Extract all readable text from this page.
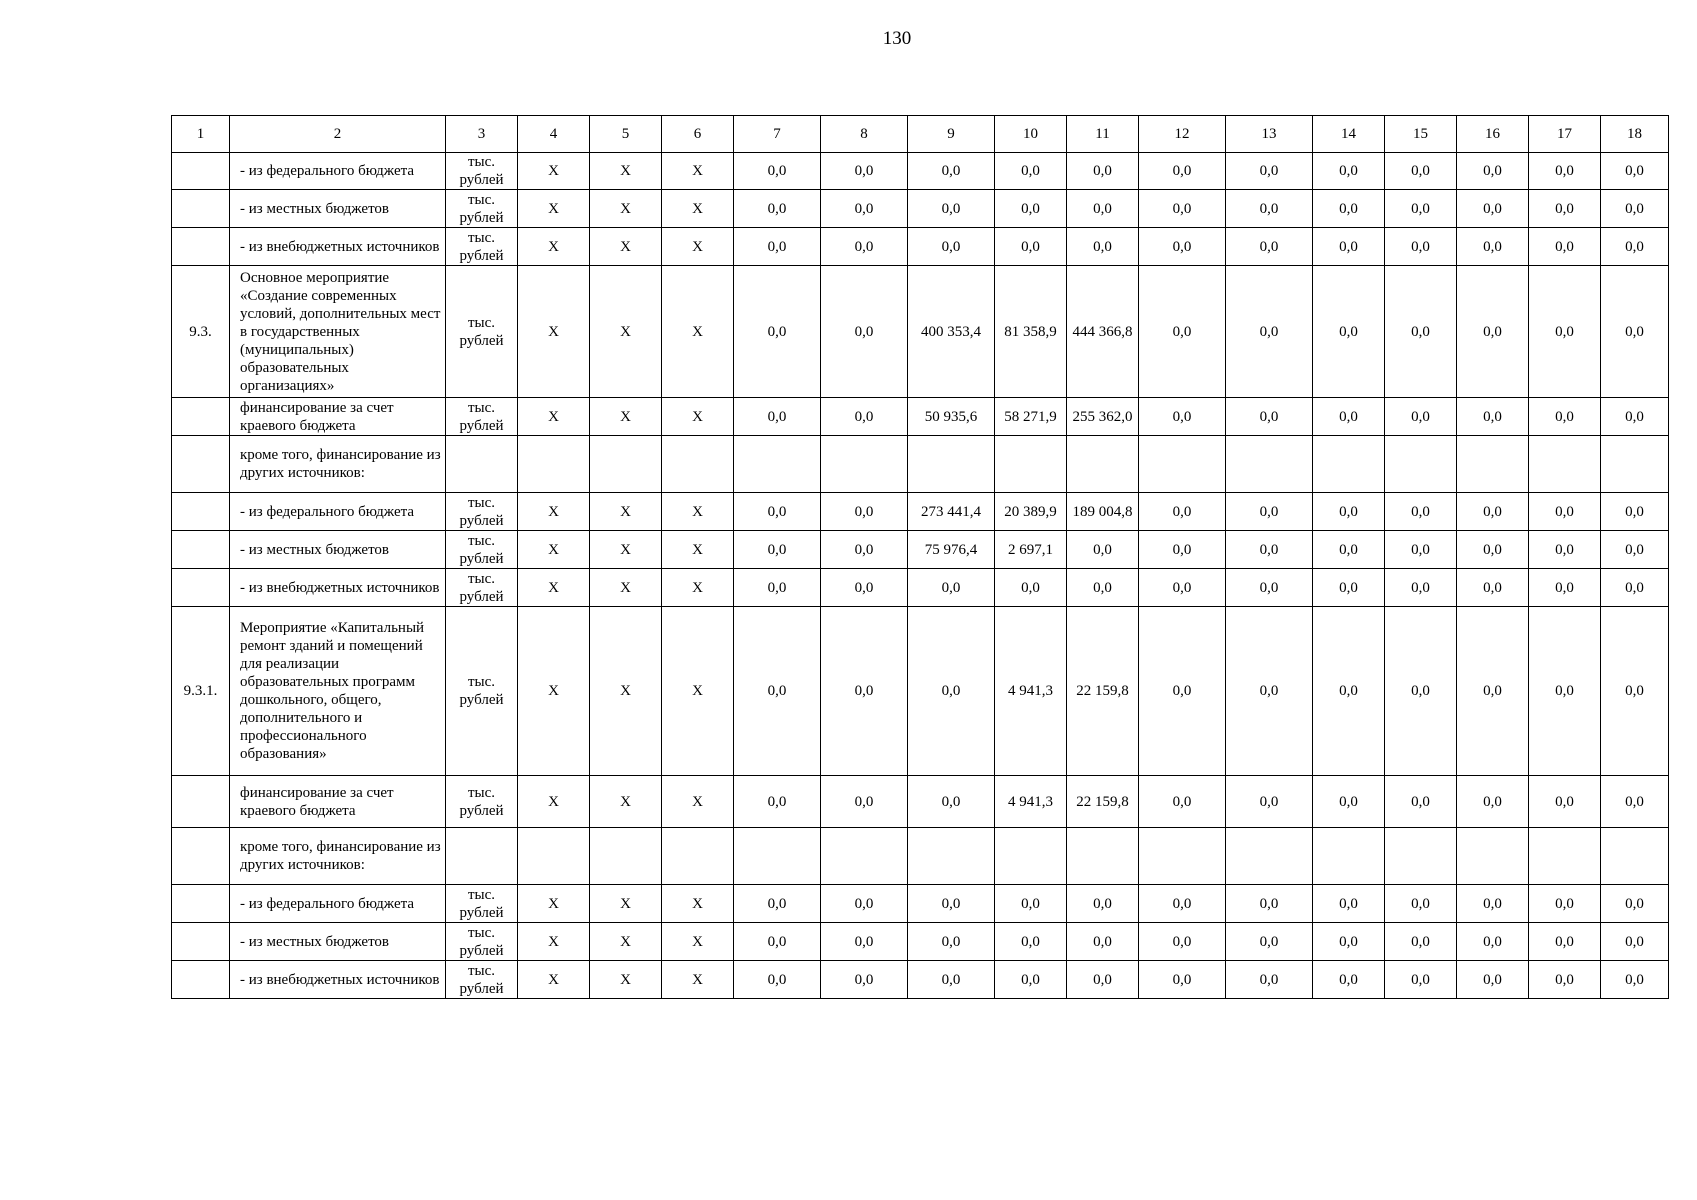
130
1	2	3	4	5	6	7	8	9	10	11	12	13	14	15	16	17	18
	- из федерального бюджета	тыс. рублей	X	X	X	0,0	0,0	0,0	0,0	0,0	0,0	0,0	0,0	0,0	0,0	0,0	0,0
	- из местных бюджетов	тыс. рублей	X	X	X	0,0	0,0	0,0	0,0	0,0	0,0	0,0	0,0	0,0	0,0	0,0	0,0
	- из внебюджетных источников	тыс. рублей	X	X	X	0,0	0,0	0,0	0,0	0,0	0,0	0,0	0,0	0,0	0,0	0,0	0,0
9.3.	Основное мероприятие «Создание современных условий, дополнительных мест в государственных (муниципальных) образовательных организациях»	тыс. рублей	X	X	X	0,0	0,0	400 353,4	81 358,9	444 366,8	0,0	0,0	0,0	0,0	0,0	0,0	0,0
	финансирование за счет краевого бюджета	тыс. рублей	X	X	X	0,0	0,0	50 935,6	58 271,9	255 362,0	0,0	0,0	0,0	0,0	0,0	0,0	0,0
	кроме того, финансирование из других источников:																
	- из федерального бюджета	тыс. рублей	X	X	X	0,0	0,0	273 441,4	20 389,9	189 004,8	0,0	0,0	0,0	0,0	0,0	0,0	0,0
	- из местных бюджетов	тыс. рублей	X	X	X	0,0	0,0	75 976,4	2 697,1	0,0	0,0	0,0	0,0	0,0	0,0	0,0	0,0
	- из внебюджетных источников	тыс. рублей	X	X	X	0,0	0,0	0,0	0,0	0,0	0,0	0,0	0,0	0,0	0,0	0,0	0,0
9.3.1.	Мероприятие «Капитальный ремонт зданий и помещений для реализации образовательных программ дошкольного, общего, дополнительного и профессионального образования»	тыс. рублей	X	X	X	0,0	0,0	0,0	4 941,3	22 159,8	0,0	0,0	0,0	0,0	0,0	0,0	0,0
	финансирование за счет краевого бюджета	тыс. рублей	X	X	X	0,0	0,0	0,0	4 941,3	22 159,8	0,0	0,0	0,0	0,0	0,0	0,0	0,0
	кроме того, финансирование из других источников:																
	- из федерального бюджета	тыс. рублей	X	X	X	0,0	0,0	0,0	0,0	0,0	0,0	0,0	0,0	0,0	0,0	0,0	0,0
	- из местных бюджетов	тыс. рублей	X	X	X	0,0	0,0	0,0	0,0	0,0	0,0	0,0	0,0	0,0	0,0	0,0	0,0
	- из внебюджетных источников	тыс. рублей	X	X	X	0,0	0,0	0,0	0,0	0,0	0,0	0,0	0,0	0,0	0,0	0,0	0,0
